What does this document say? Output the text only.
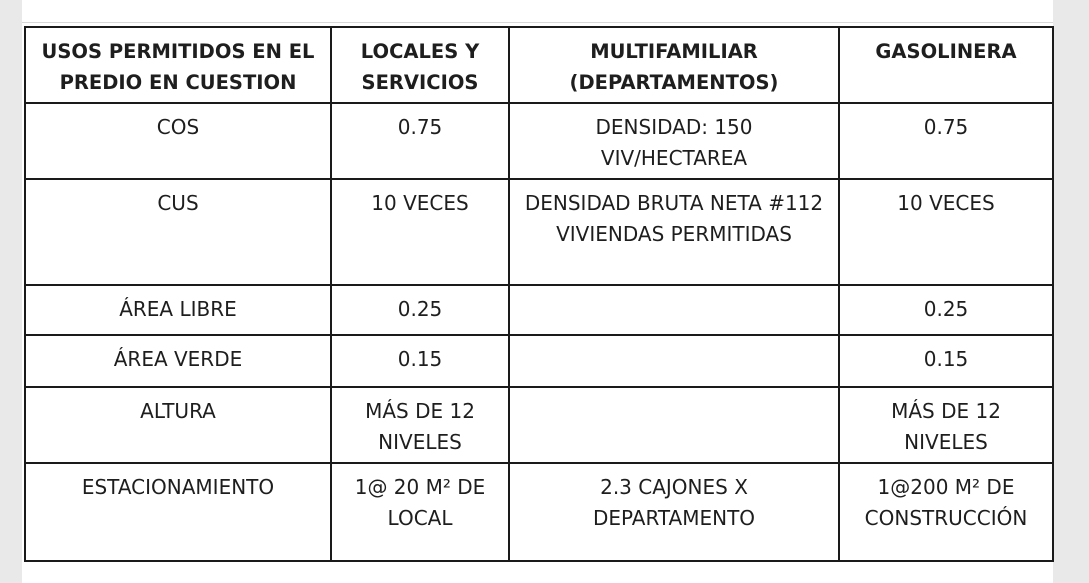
USOS PERMITIDOS EN EL PREDIO EN CUESTION	LOCALES Y SERVICIOS	MULTIFAMILIAR (DEPARTAMENTOS)	GASOLINERA
COS	0.75	DENSIDAD: 150 VIV/HECTAREA	0.75
CUS	10 VECES	DENSIDAD BRUTA NETA #112 VIVIENDAS PERMITIDAS	10 VECES
ÁREA LIBRE	0.25		0.25
ÁREA VERDE	0.15		0.15
ALTURA	MÁS DE 12 NIVELES		MÁS DE 12 NIVELES
ESTACIONAMIENTO	1@ 20 M² DE LOCAL	2.3 CAJONES X DEPARTAMENTO	1@200 M² DE CONSTRUCCIÓN
